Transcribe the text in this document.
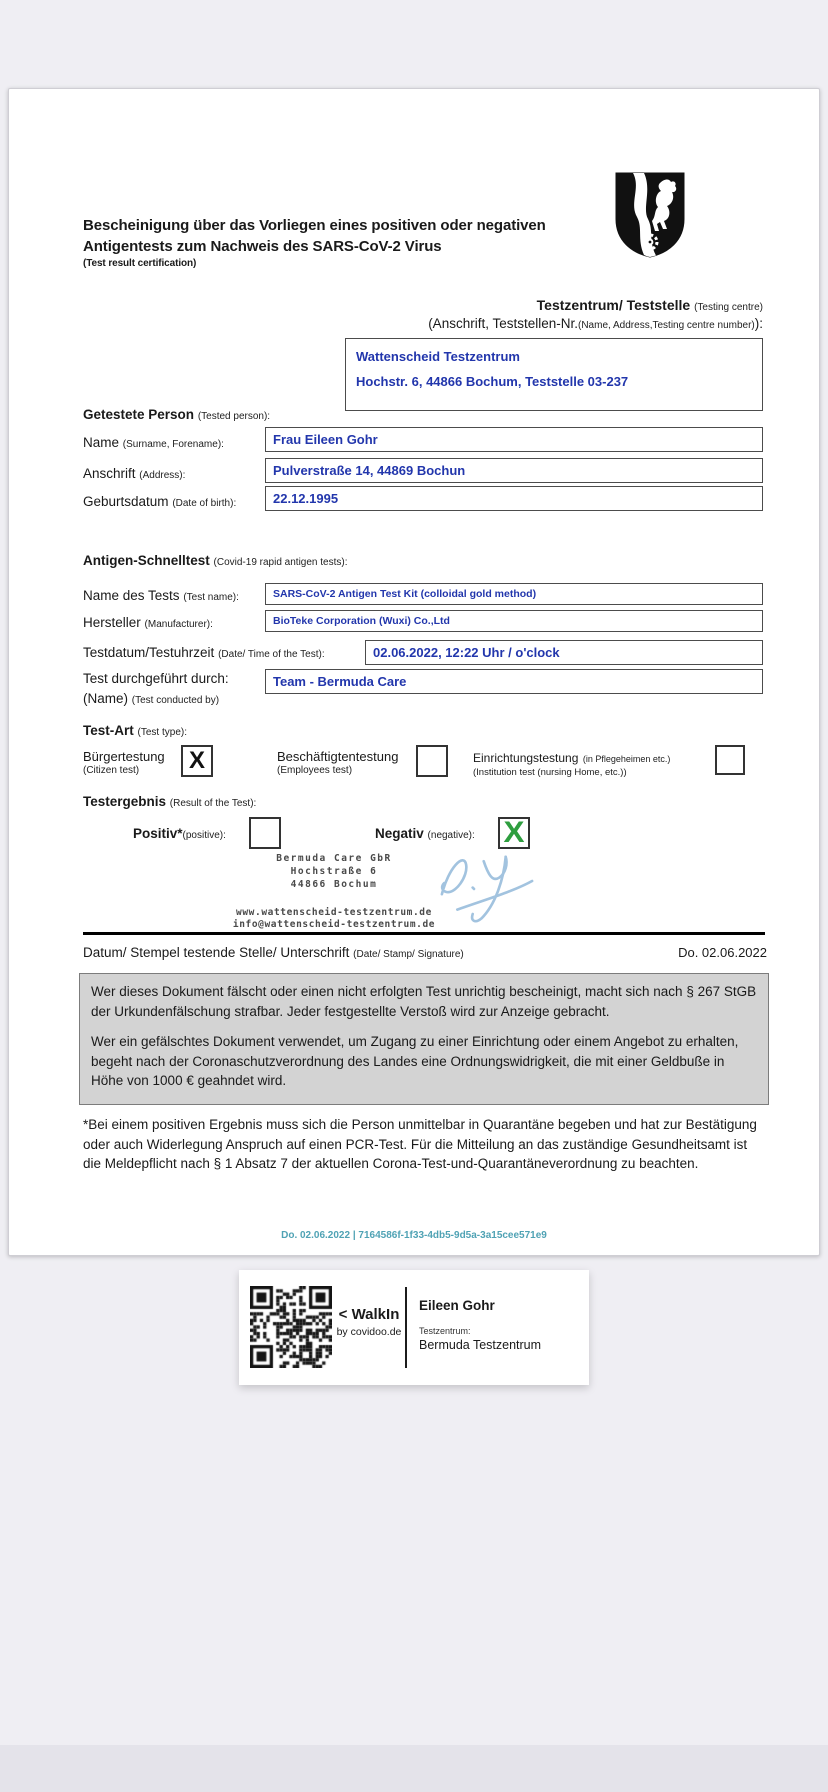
Bescheinigung über das Vorliegen eines positiven oder negativen
Antigentests zum Nachweis des SARS-CoV-2 Virus
(Test result certification)
Testzentrum/ Teststelle (Testing centre)
(Anschrift, Teststellen-Nr.(Name, Address,Testing centre number)):
Wattenscheid Testzentrum
Hochstr. 6, 44866 Bochum, Teststelle 03-237
Getestete Person (Tested person):
Name (Surname, Forename):	Frau Eileen Gohr
Anschrift (Address):	Pulverstraße 14, 44869 Bochun
Geburtsdatum (Date of birth):	22.12.1995
Antigen-Schnelltest (Covid-19 rapid antigen tests):
Name des Tests (Test name):	SARS-CoV-2 Antigen Test Kit (colloidal gold method)
Hersteller (Manufacturer):	BioTeke Corporation (Wuxi) Co.,Ltd
Testdatum/Testuhrzeit (Date/ Time of the Test):	02.06.2022, 12:22 Uhr / o'clock
Test durchgeführt durch:
(Name) (Test conducted by)
Team - Bermuda Care
Test-Art (Test type):
Bürgertestung
(Citizen test)	X	Beschäftigtentestung
(Employees test)
Einrichtungstestung (in Pflegeheimen etc.)
(Institution test (nursing Home, etc.))
Testergebnis (Result of the Test):
Positiv*(positive):	Negativ (negative): X
Bermuda Care GbR
Hochstraße 6
44866 Bochum
www.wattenscheid-testzentrum.de
info@wattenscheid-testzentrum.de
Datum/ Stempel testende Stelle/ Unterschrift (Date/ Stamp/ Signature)	Do. 02.06.2022

Wer dieses Dokument fälscht oder einen nicht erfolgten Test unrichtig bescheinigt, macht sich nach § 267 StGB der Urkundenfälschung strafbar. Jeder festgestellte Verstoß wird zur Anzeige gebracht.

Wer ein gefälschtes Dokument verwendet, um Zugang zu einer Einrichtung oder einem Angebot zu erhalten, begeht nach der Coronaschutzverordnung des Landes eine Ordnungswidrigkeit, die mit einer Geldbuße in Höhe von 1000 € geahndet wird.

*Bei einem positiven Ergebnis muss sich die Person unmittelbar in Quarantäne begeben und hat zur Bestätigung oder auch Widerlegung Anspruch auf einen PCR-Test. Für die Mitteilung an das zuständige Gesundheitsamt ist die Meldepflicht nach § 1 Absatz 7 der aktuellen Corona-Test-und-Quarantäneverordnung zu beachten.
Do. 02.06.2022 | 7164586f-1f33-4db5-9d5a-3a15cee571e9
< WalkIn
by covidoo.de
Eileen Gohr
Testzentrum:
Bermuda Testzentrum
